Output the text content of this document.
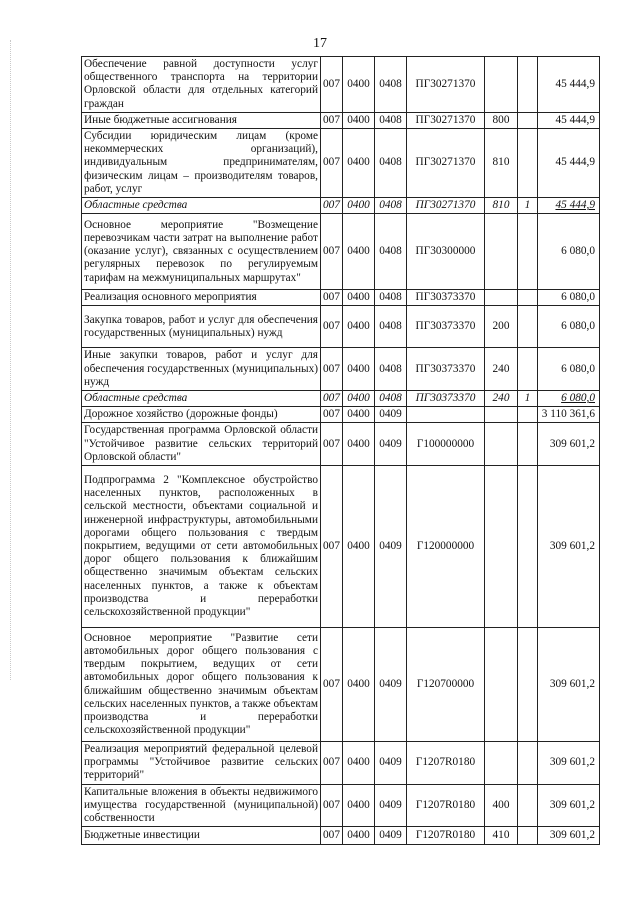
17
Обеспечение равной доступности услуг общественного транспорта на территории Орловской области для отдельных категорий граждан	007	0400	0408	ПГ30271370			45 444,9
Иные бюджетные ассигнования	007	0400	0408	ПГ30271370	800		45 444,9
Субсидии юридическим лицам (кроме некоммерческих организаций), индивидуальным предпринимателям, физическим лицам – производителям товаров, работ, услуг	007	0400	0408	ПГ30271370	810		45 444,9
Областные средства	007	0400	0408	ПГ30271370	810	1	45 444,9
Основное мероприятие "Возмещение перевозчикам части затрат на выполнение работ (оказание услуг), связанных с осуществлением регулярных перевозок по регулируемым тарифам на межмуниципальных маршрутах"	007	0400	0408	ПГ30300000			6 080,0
Реализация основного мероприятия	007	0400	0408	ПГ30373370			6 080,0
Закупка товаров, работ и услуг для обеспечения государственных (муниципальных) нужд	007	0400	0408	ПГ30373370	200		6 080,0
Иные закупки товаров, работ и услуг для обеспечения государственных (муниципальных) нужд	007	0400	0408	ПГ30373370	240		6 080,0
Областные средства	007	0400	0408	ПГ30373370	240	1	6 080,0
Дорожное хозяйство (дорожные фонды)	007	0400	0409				3 110 361,6
Государственная программа Орловской области "Устойчивое развитие сельских территорий Орловской области"	007	0400	0409	Г100000000			309 601,2
Подпрограмма 2 "Комплексное обустройство населенных пунктов, расположенных в сельской местности, объектами социальной и инженерной инфраструктуры, автомобильными дорогами общего пользования с твердым покрытием, ведущими от сети автомобильных дорог общего пользования к ближайшим общественно значимым объектам сельских населенных пунктов, а также к объектам производства и переработки сельскохозяйственной продукции"	007	0400	0409	Г120000000			309 601,2
Основное мероприятие "Развитие сети автомобильных дорог общего пользования с твердым покрытием, ведущих от сети автомобильных дорог общего пользования к ближайшим общественно значимым объектам сельских населенных пунктов, а также объектам производства и переработки сельскохозяйственной продукции"	007	0400	0409	Г120700000			309 601,2
Реализация мероприятий федеральной целевой программы "Устойчивое развитие сельских территорий"	007	0400	0409	Г1207R0180			309 601,2
Капитальные вложения в объекты недвижимого имущества государственной (муниципальной) собственности	007	0400	0409	Г1207R0180	400		309 601,2
Бюджетные инвестиции	007	0400	0409	Г1207R0180	410		309 601,2
